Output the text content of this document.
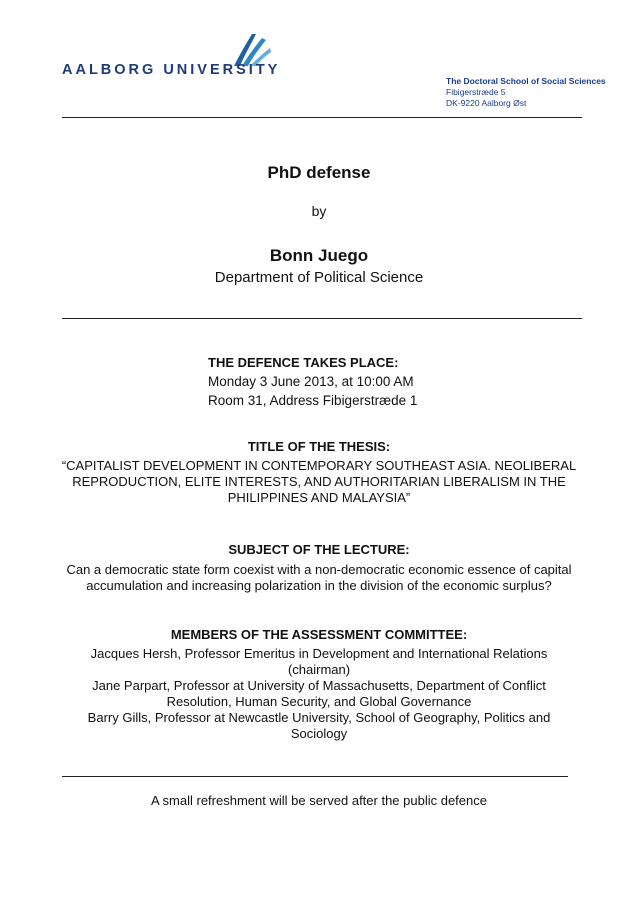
AALBORG UNIVERSITY
The Doctoral School of Social Sciences
Fibigerstræde 5
DK-9220 Aalborg Øst
PhD defense
by
Bonn Juego
Department of Political Science
THE DEFENCE TAKES PLACE:
Monday 3 June 2013, at 10:00 AM
Room 31, Address Fibigerstræde 1
TITLE OF THE THESIS:
“CAPITALIST DEVELOPMENT IN CONTEMPORARY SOUTHEAST ASIA. NEOLIBERAL REPRODUCTION, ELITE INTERESTS, AND AUTHORITARIAN LIBERALISM IN THE PHILIPPINES AND MALAYSIA”
SUBJECT OF THE LECTURE:
Can a democratic state form coexist with a non-democratic economic essence of capital accumulation and increasing polarization in the division of the economic surplus?
MEMBERS OF THE ASSESSMENT COMMITTEE:
Jacques Hersh, Professor Emeritus in Development and International Relations (chairman)
Jane Parpart, Professor at University of Massachusetts, Department of Conflict Resolution, Human Security, and Global Governance
Barry Gills, Professor at Newcastle University, School of Geography, Politics and Sociology
A small refreshment will be served after the public defence
